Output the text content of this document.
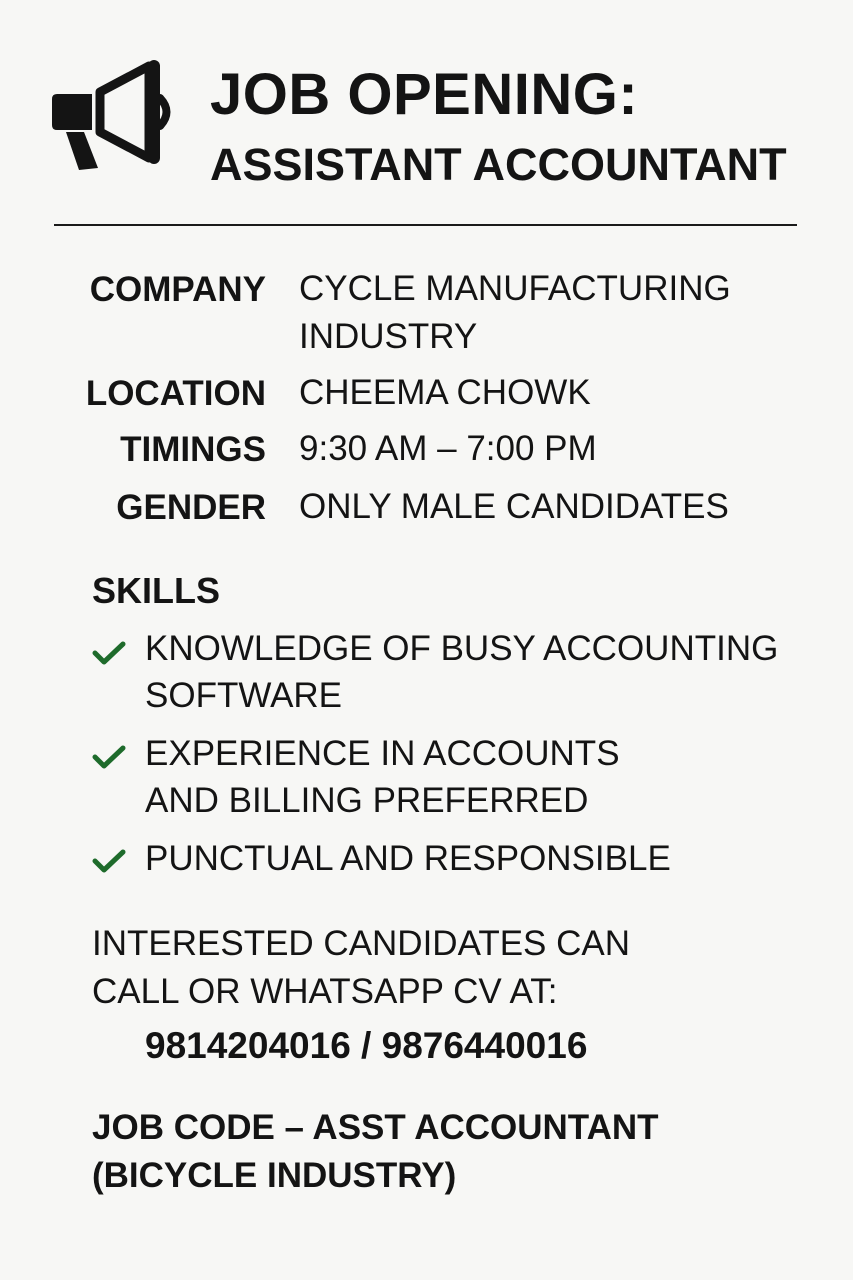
JOB OPENING:
ASSISTANT ACCOUNTANT
COMPANY CYCLE MANUFACTURING
INDUSTRY
LOCATION CHEEMA CHOWK
TIMINGS 9:30 AM – 7:00 PM
GENDER ONLY MALE CANDIDATES
SKILLS
KNOWLEDGE OF BUSY ACCOUNTING
SOFTWARE
EXPERIENCE IN ACCOUNTS
AND BILLING PREFERRED
PUNCTUAL AND RESPONSIBLE
INTERESTED CANDIDATES CAN
CALL OR WHATSAPP CV AT:
9814204016 / 9876440016
JOB CODE – ASST ACCOUNTANT
(BICYCLE INDUSTRY)
